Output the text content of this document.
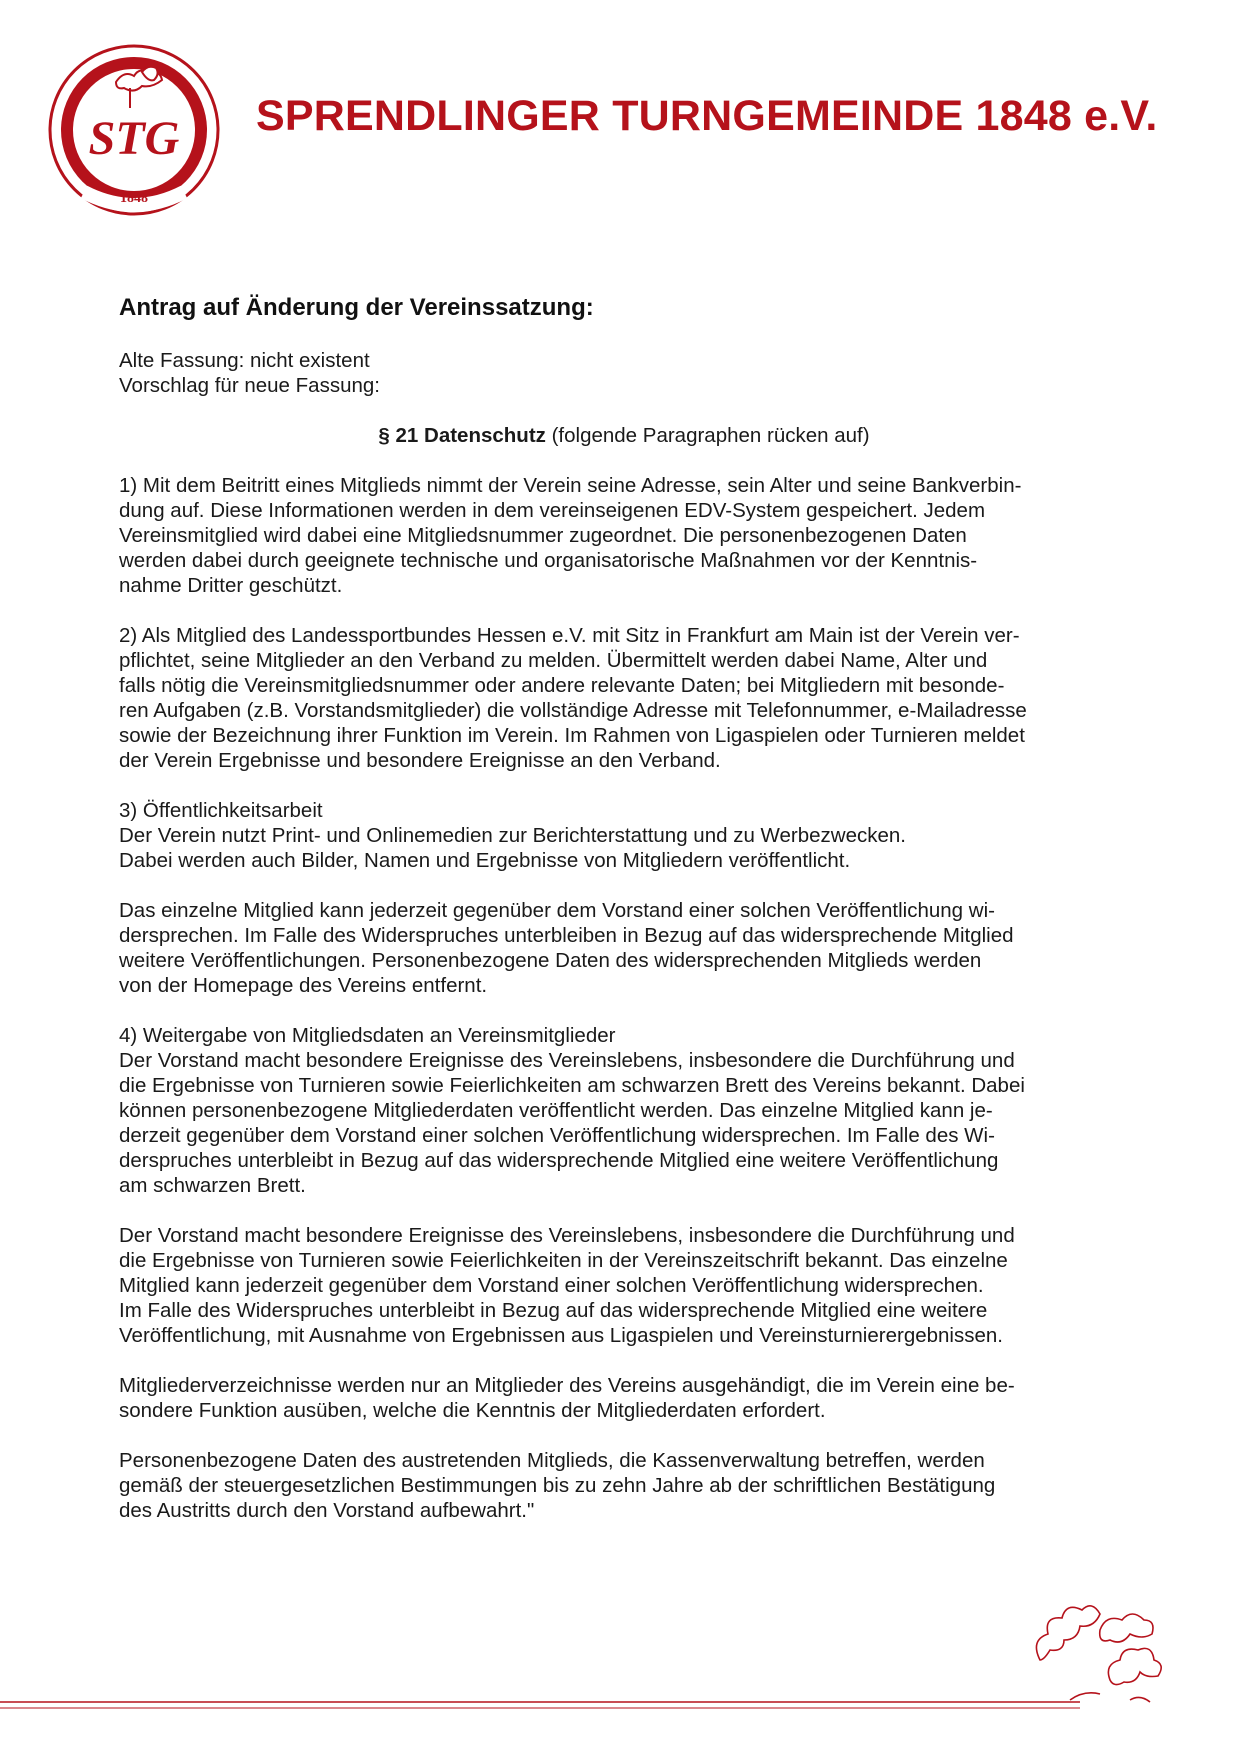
STG
1848
SPRENDLINGER TURNGEMEINDE 1848 e.V.

Antrag auf Änderung der Vereinssatzung:

Alte Fassung: nicht existent

Vorschlag für neue Fassung:

§ 21 Datenschutz (folgende Paragraphen rücken auf)

1) Mit dem Beitritt eines Mitglieds nimmt der Verein seine Adresse, sein Alter und seine Bankverbin-

dung auf. Diese Informationen werden in dem vereinseigenen EDV-System gespeichert. Jedem

Vereinsmitglied wird dabei eine Mitgliedsnummer zugeordnet. Die personenbezogenen Daten

werden dabei durch geeignete technische und organisatorische Maßnahmen vor der Kenntnis-

nahme Dritter geschützt.

2) Als Mitglied des Landessportbundes Hessen e.V. mit Sitz in Frankfurt am Main ist der Verein ver-

pflichtet, seine Mitglieder an den Verband zu melden. Übermittelt werden dabei Name, Alter und

falls nötig die Vereinsmitgliedsnummer oder andere relevante Daten; bei Mitgliedern mit besonde-

ren Aufgaben (z.B. Vorstandsmitglieder) die vollständige Adresse mit Telefonnummer, e-Mailadresse

sowie der Bezeichnung ihrer Funktion im Verein. Im Rahmen von Ligaspielen oder Turnieren meldet

der Verein Ergebnisse und besondere Ereignisse an den Verband.

3) Öffentlichkeitsarbeit

Der Verein nutzt Print- und Onlinemedien zur Berichterstattung und zu Werbezwecken.

Dabei werden auch Bilder, Namen und Ergebnisse von Mitgliedern veröffentlicht.

Das einzelne Mitglied kann jederzeit gegenüber dem Vorstand einer solchen Veröffentlichung wi-

dersprechen. Im Falle des Widerspruches unterbleiben in Bezug auf das widersprechende Mitglied

weitere Veröffentlichungen. Personenbezogene Daten des widersprechenden Mitglieds werden

von der Homepage des Vereins entfernt.

4) Weitergabe von Mitgliedsdaten an Vereinsmitglieder

Der Vorstand macht besondere Ereignisse des Vereinslebens, insbesondere die Durchführung und

die Ergebnisse von Turnieren sowie Feierlichkeiten am schwarzen Brett des Vereins bekannt. Dabei

können personenbezogene Mitgliederdaten veröffentlicht werden. Das einzelne Mitglied kann je-

derzeit gegenüber dem Vorstand einer solchen Veröffentlichung widersprechen. Im Falle des Wi-

derspruches unterbleibt in Bezug auf das widersprechende Mitglied eine weitere Veröffentlichung

am schwarzen Brett.

Der Vorstand macht besondere Ereignisse des Vereinslebens, insbesondere die Durchführung und

die Ergebnisse von Turnieren sowie Feierlichkeiten in der Vereinszeitschrift bekannt. Das einzelne

Mitglied kann jederzeit gegenüber dem Vorstand einer solchen Veröffentlichung widersprechen.

Im Falle des Widerspruches unterbleibt in Bezug auf das widersprechende Mitglied eine weitere

Veröffentlichung, mit Ausnahme von Ergebnissen aus Ligaspielen und Vereinsturnierergebnissen.

Mitgliederverzeichnisse werden nur an Mitglieder des Vereins ausgehändigt, die im Verein eine be-

sondere Funktion ausüben, welche die Kenntnis der Mitgliederdaten erfordert.

Personenbezogene Daten des austretenden Mitglieds, die Kassenverwaltung betreffen, werden

gemäß der steuergesetzlichen Bestimmungen bis zu zehn Jahre ab der schriftlichen Bestätigung

des Austritts durch den Vorstand aufbewahrt."
